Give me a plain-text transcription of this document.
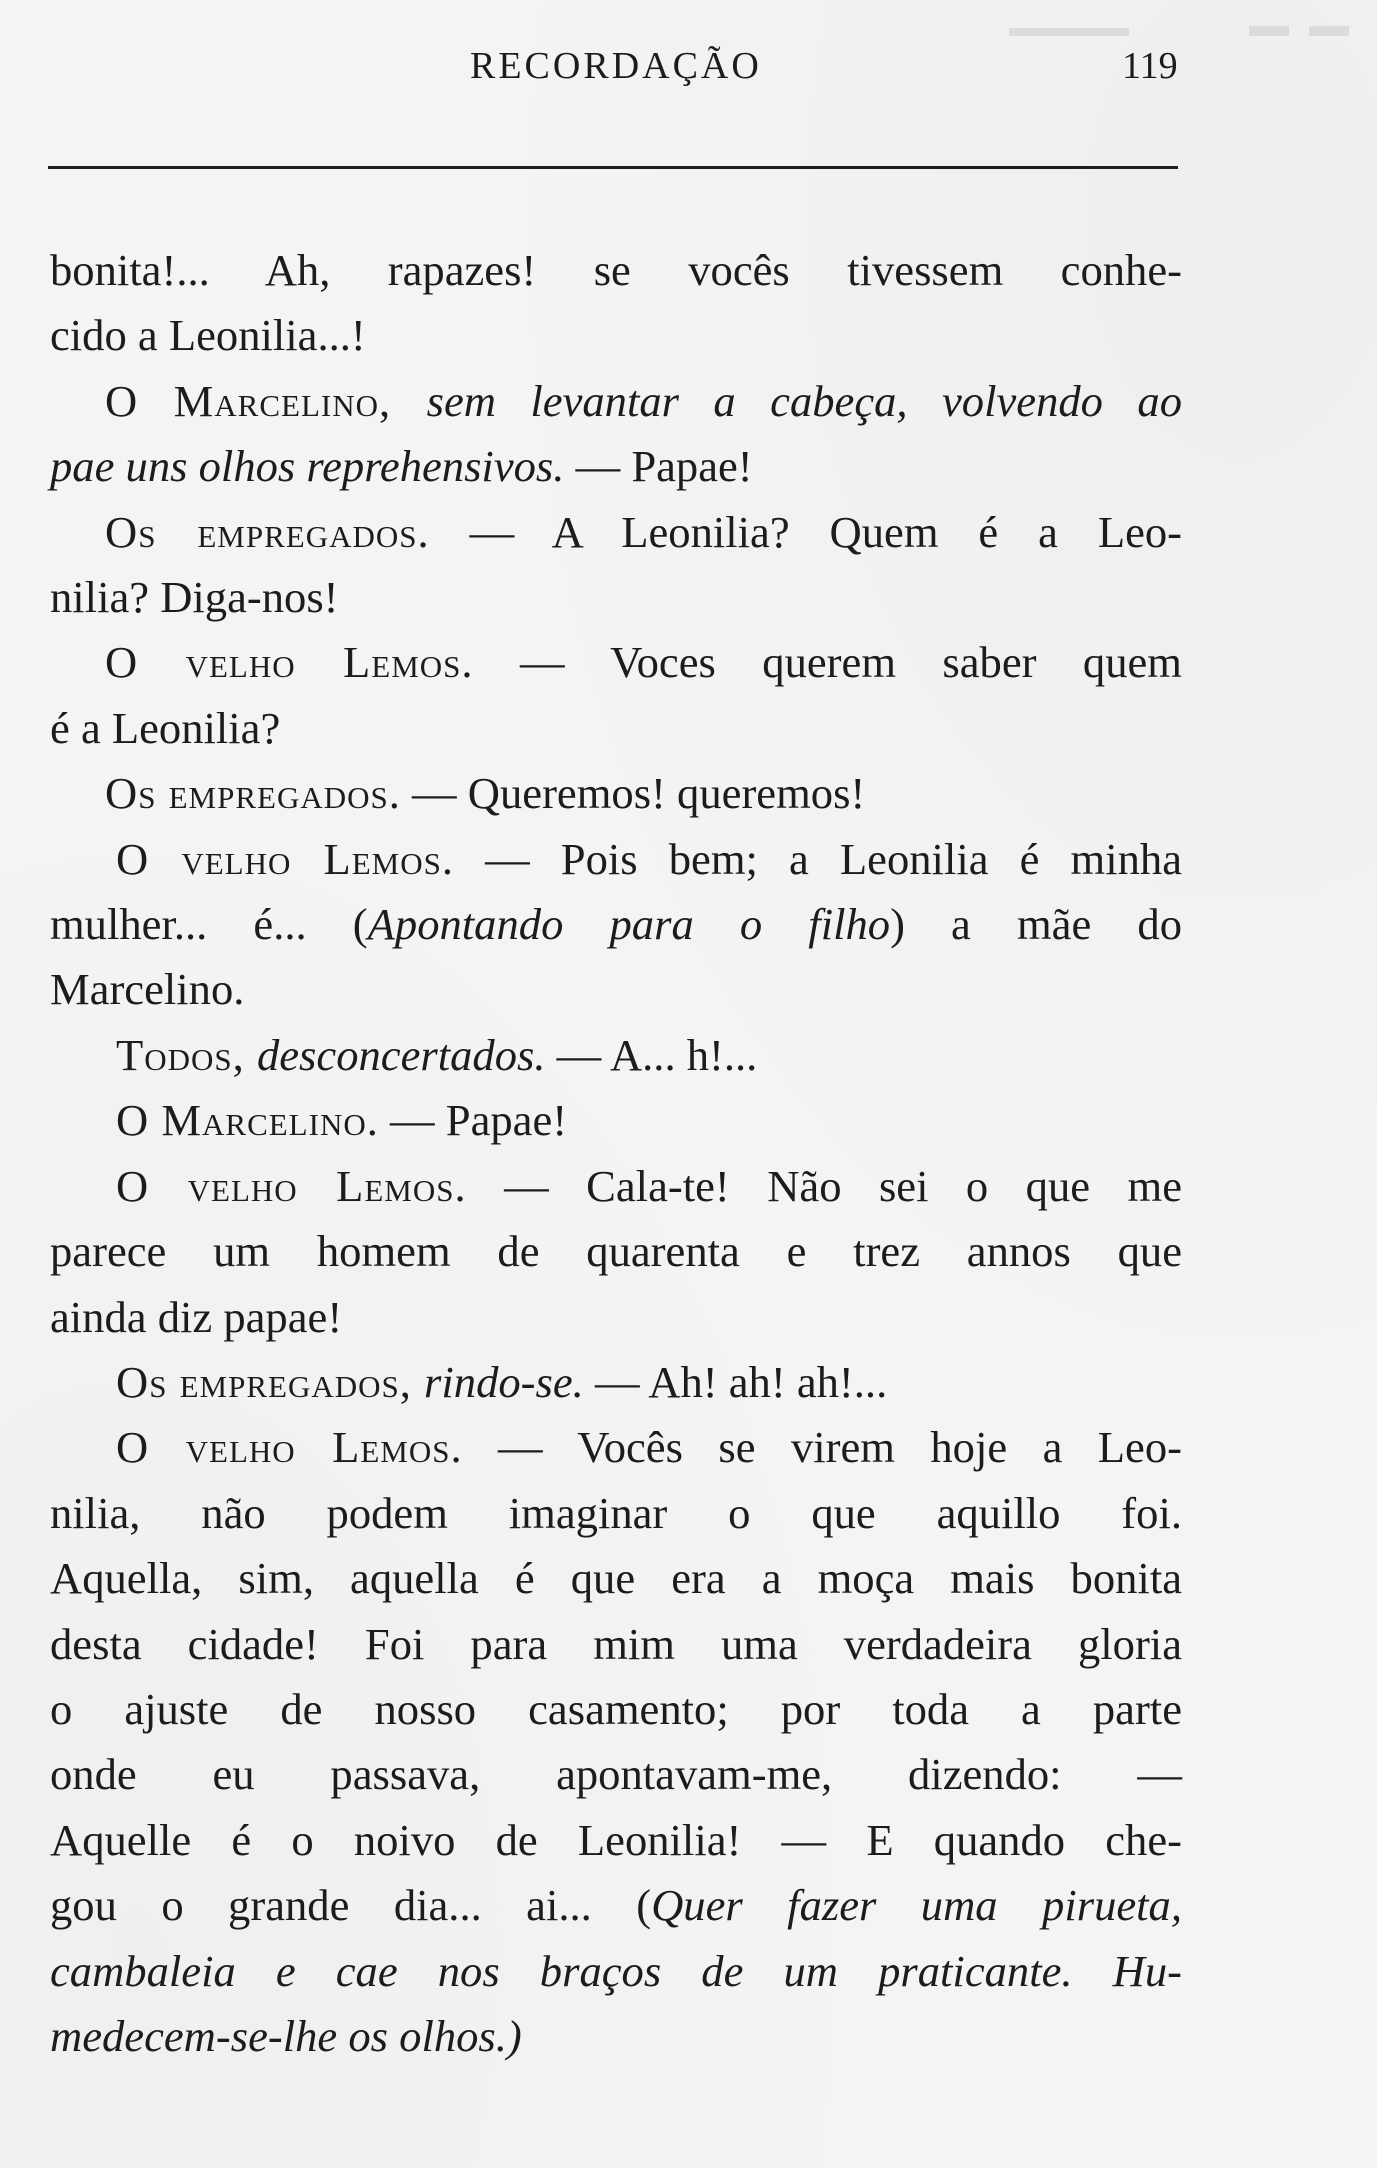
RECORDAÇÃO	119
bonita!... Ah, rapazes! se vocês tivessem conhe-
cido a Leonilia...!
O Marcelino, sem levantar a cabeça, volvendo ao
pae uns olhos reprehensivos. — Papae!
Os empregados. — A Leonilia? Quem é a Leo-
nilia? Diga-nos!
O velho Lemos. — Voces querem saber quem
é a Leonilia?
Os empregados. — Queremos! queremos!
O velho Lemos. — Pois bem; a Leonilia é minha
mulher... é... (Apontando para o filho) a mãe do
Marcelino.
Todos, desconcertados. — A... h!...
O Marcelino. — Papae!
O velho Lemos. — Cala-te! Não sei o que me
parece um homem de quarenta e trez annos que
ainda diz papae!
Os empregados, rindo-se. — Ah! ah! ah!...
O velho Lemos. — Vocês se virem hoje a Leo-
nilia, não podem imaginar o que aquillo foi.
Aquella, sim, aquella é que era a moça mais bonita
desta cidade! Foi para mim uma verdadeira gloria
o ajuste de nosso casamento; por toda a parte
onde eu passava, apontavam-me, dizendo: —
Aquelle é o noivo de Leonilia! — E quando che-
gou o grande dia... ai... (Quer fazer uma pirueta,
cambaleia e cae nos braços de um praticante. Hu-
medecem-se-lhe os olhos.)
